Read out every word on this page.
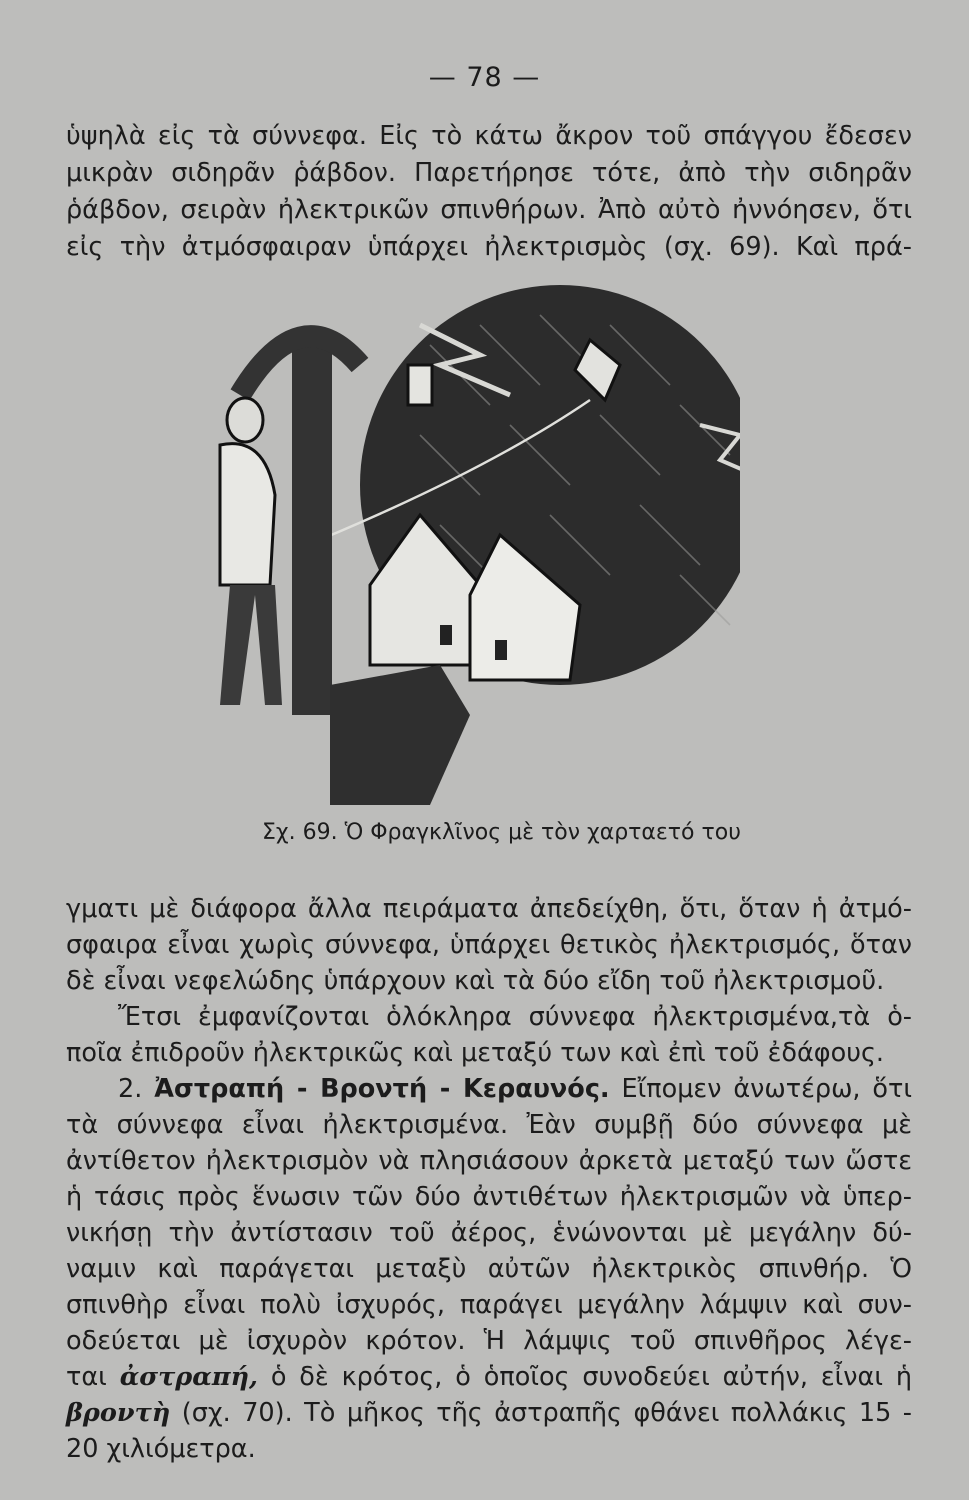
— 78 —
ὑψηλὰ εἰς τὰ σύννεφα. Εἰς τὸ κάτω ἄκρον τοῦ σπάγγου ἔδεσεν
μικρὰν σιδηρᾶν ῥάβδον. Παρετήρησε τότε, ἀπὸ τὴν σιδηρᾶν
ῥάβδον, σειρὰν ἠλεκτρικῶν σπινθήρων. Ἀπὸ αὐτὸ ἠννόησεν, ὅτι
εἰς τὴν ἀτμόσφαιραν ὑπάρχει ἠλεκτρισμὸς (σχ. 69). Καὶ πρά-
Σχ. 69. Ὁ Φραγκλῖνος μὲ τὸν χαρταετό του
γματι μὲ διάφορα ἄλλα πειράματα ἀπεδείχθη, ὅτι, ὅταν ἡ ἀτμό-
σφαιρα εἶναι χωρὶς σύννεφα, ὑπάρχει θετικὸς ἠλεκτρισμός, ὅταν
δὲ εἶναι νεφελώδης ὑπάρχουν καὶ τὰ δύο εἴδη τοῦ ἠλεκτρισμοῦ.
Ἔτσι ἐμφανίζονται ὁλόκληρα σύννεφα ἠλεκτρισμένα,τὰ ὁ-
ποῖα ἐπιδροῦν ἠλεκτρικῶς καὶ μεταξύ των καὶ ἐπὶ τοῦ ἐδάφους.
2. Ἀστραπή - Βροντή - Κεραυνός. Εἴπομεν ἀνωτέρω, ὅτι
τὰ σύννεφα εἶναι ἠλεκτρισμένα. Ἐὰν συμβῇ δύο σύννεφα μὲ
ἀντίθετον ἠλεκτρισμὸν νὰ πλησιάσουν ἀρκετὰ μεταξύ των ὥστε
ἡ τάσις πρὸς ἕνωσιν τῶν δύο ἀντιθέτων ἠλεκτρισμῶν νὰ ὑπερ-
νικήσῃ τὴν ἀντίστασιν τοῦ ἀέρος, ἑνώνονται μὲ μεγάλην δύ-
ναμιν καὶ παράγεται μεταξὺ αὐτῶν ἠλεκτρικὸς σπινθήρ. Ὁ
σπινθὴρ εἶναι πολὺ ἰσχυρός, παράγει μεγάλην λάμψιν καὶ συν-
οδεύεται μὲ ἰσχυρὸν κρότον. Ἡ λάμψις τοῦ σπινθῆρος λέγε-
ται ἀστραπή, ὁ δὲ κρότος, ὁ ὁποῖος συνοδεύει αὐτήν, εἶναι ἡ
βροντὴ (σχ. 70). Τὸ μῆκος τῆς ἀστραπῆς φθάνει πολλάκις 15 -
20 χιλιόμετρα.
